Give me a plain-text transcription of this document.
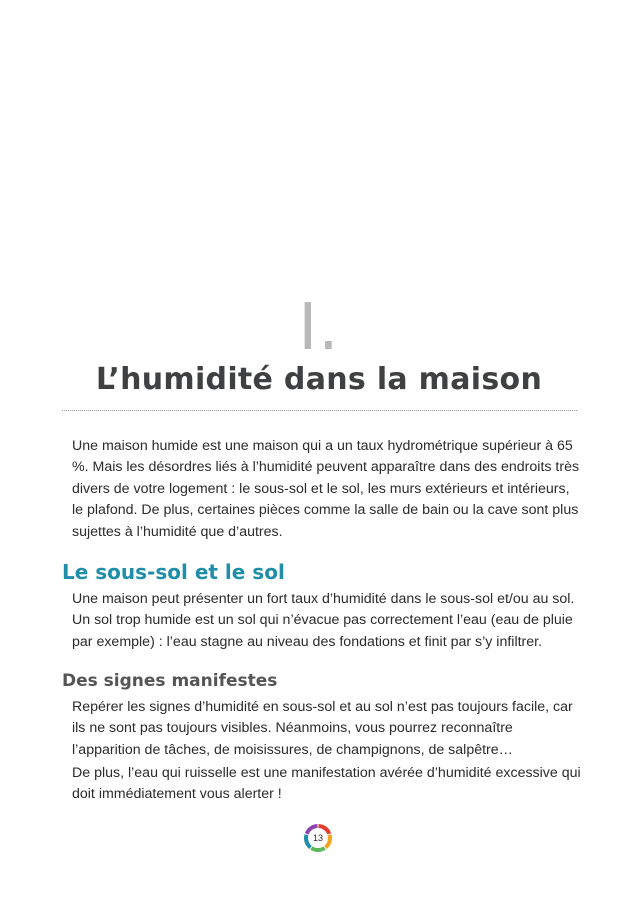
I.
L’humidité dans la maison

Une maison humide est une maison qui a un taux hydrométrique supérieur à 65 %. Mais les désordres liés à l’humidité peuvent apparaître dans des endroits très divers de votre logement : le sous-sol et le sol, les murs extérieurs et intérieurs, le plafond. De plus, certaines pièces comme la salle de bain ou la cave sont plus sujettes à l’humidité que d’autres.

Le sous-sol et le sol

Une maison peut présenter un fort taux d’humidité dans le sous-sol et/ou au sol. Un sol trop humide est un sol qui n’évacue pas correctement l’eau (eau de pluie par exemple) : l’eau stagne au niveau des fondations et finit par s’y infiltrer.

Des signes manifestes

Repérer les signes d’humidité en sous-sol et au sol n’est pas toujours facile, car ils ne sont pas toujours visibles. Néanmoins, vous pourrez reconnaître l’apparition de tâches, de moisissures, de champignons, de salpêtre…

De plus, l’eau qui ruisselle est une manifestation avérée d’humidité excessive qui doit immédiatement vous alerter !

13
